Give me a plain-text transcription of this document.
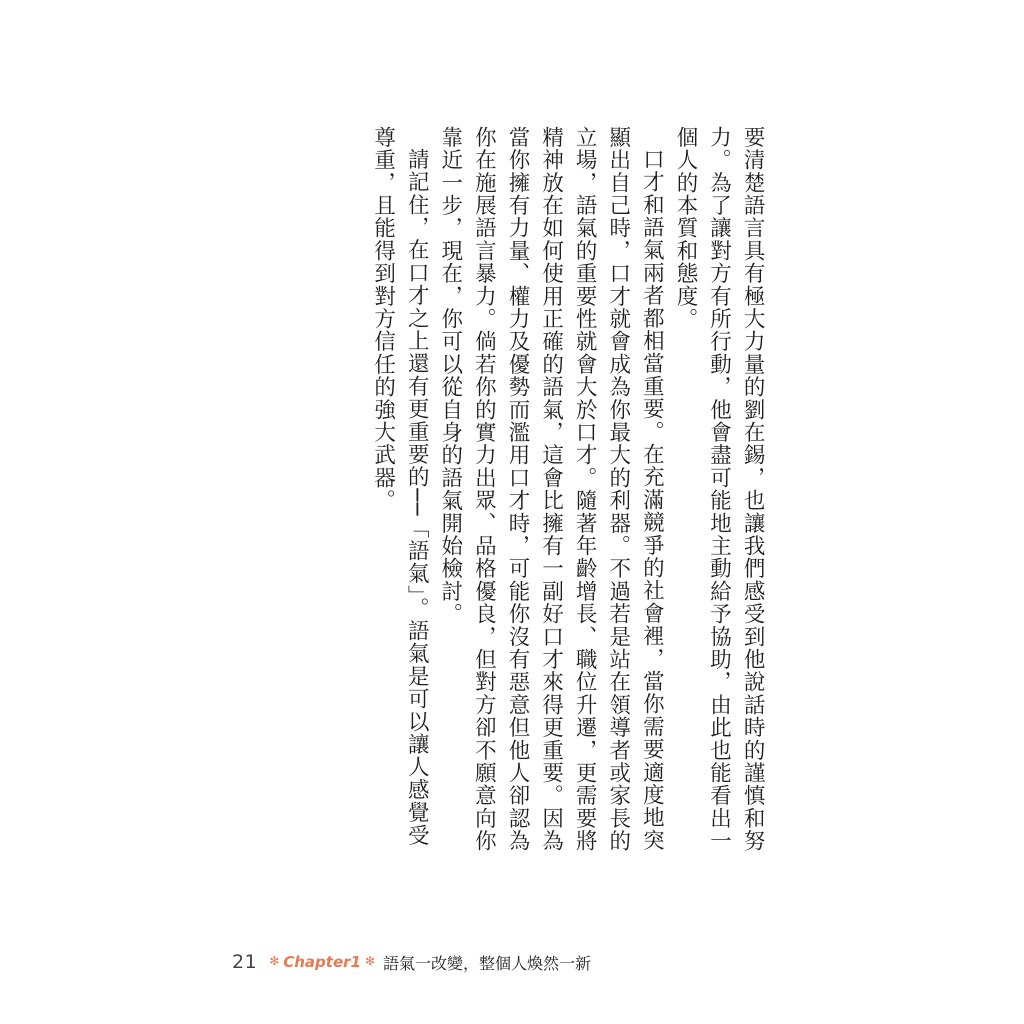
要清楚語言具有極大力量的劉在錫，也讓我們感受到他說話時的謹慎和努力。為了讓對方有所行動，他會盡可能地主動給予協助，由此也能看出一個人的本質和態度。

口才和語氣兩者都相當重要。在充滿競爭的社會裡，當你需要適度地突顯出自己時，口才就會成為你最大的利器。不過若是站在領導者或家長的立場，語氣的重要性就會大於口才。隨著年齡增長、職位升遷，更需要將精神放在如何使用正確的語氣，這會比擁有一副好口才來得更重要。因為當你擁有力量、權力及優勢而濫用口才時，可能你沒有惡意但他人卻認為你在施展語言暴力。倘若你的實力出眾、品格優良，但對方卻不願意向你靠近一步，現在，你可以從自身的語氣開始檢討。

請記住，在口才之上還有更重要的──「語氣」。語氣是可以讓人感覺受尊重，且能得到對方信任的強大武器。

21 ✻ Chapter1 ✻ 語氣一改變，整個人煥然一新
